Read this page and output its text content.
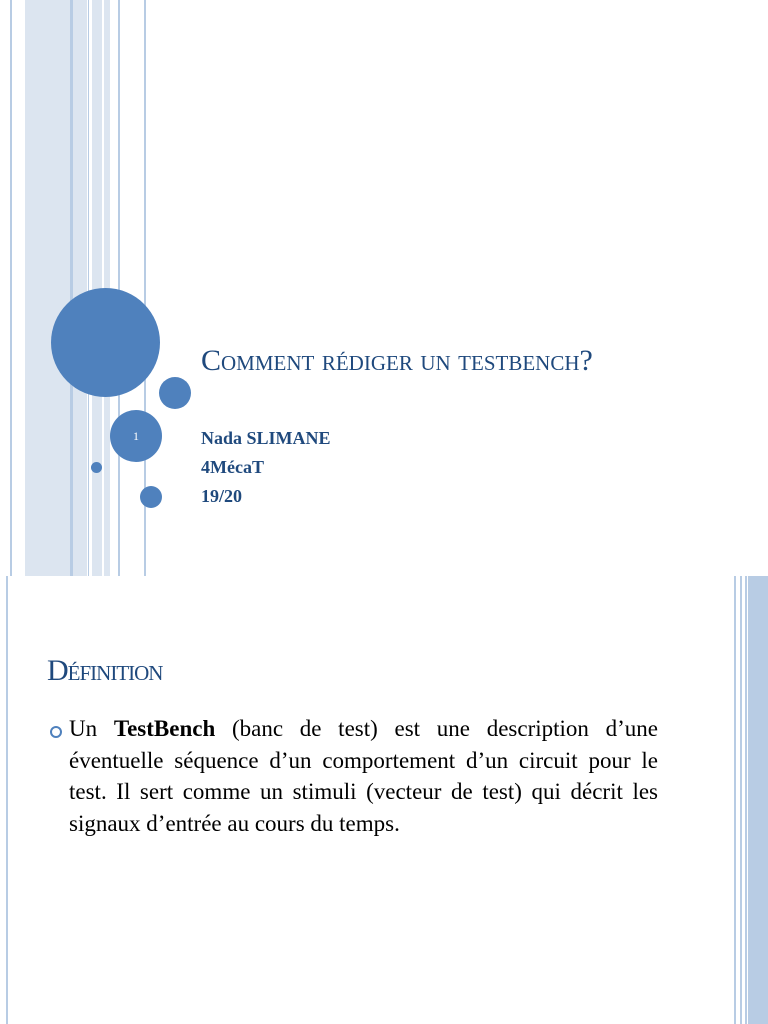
1
Comment rédiger un testbench?
Nada SLIMANE
4MécaT
19/20
Définition
Un TestBench (banc de test) est une description d’une éventuelle séquence d’un comportement d’un circuit pour le test. Il sert comme un stimuli (vecteur de test) qui décrit les signaux d’entrée au cours du temps.
